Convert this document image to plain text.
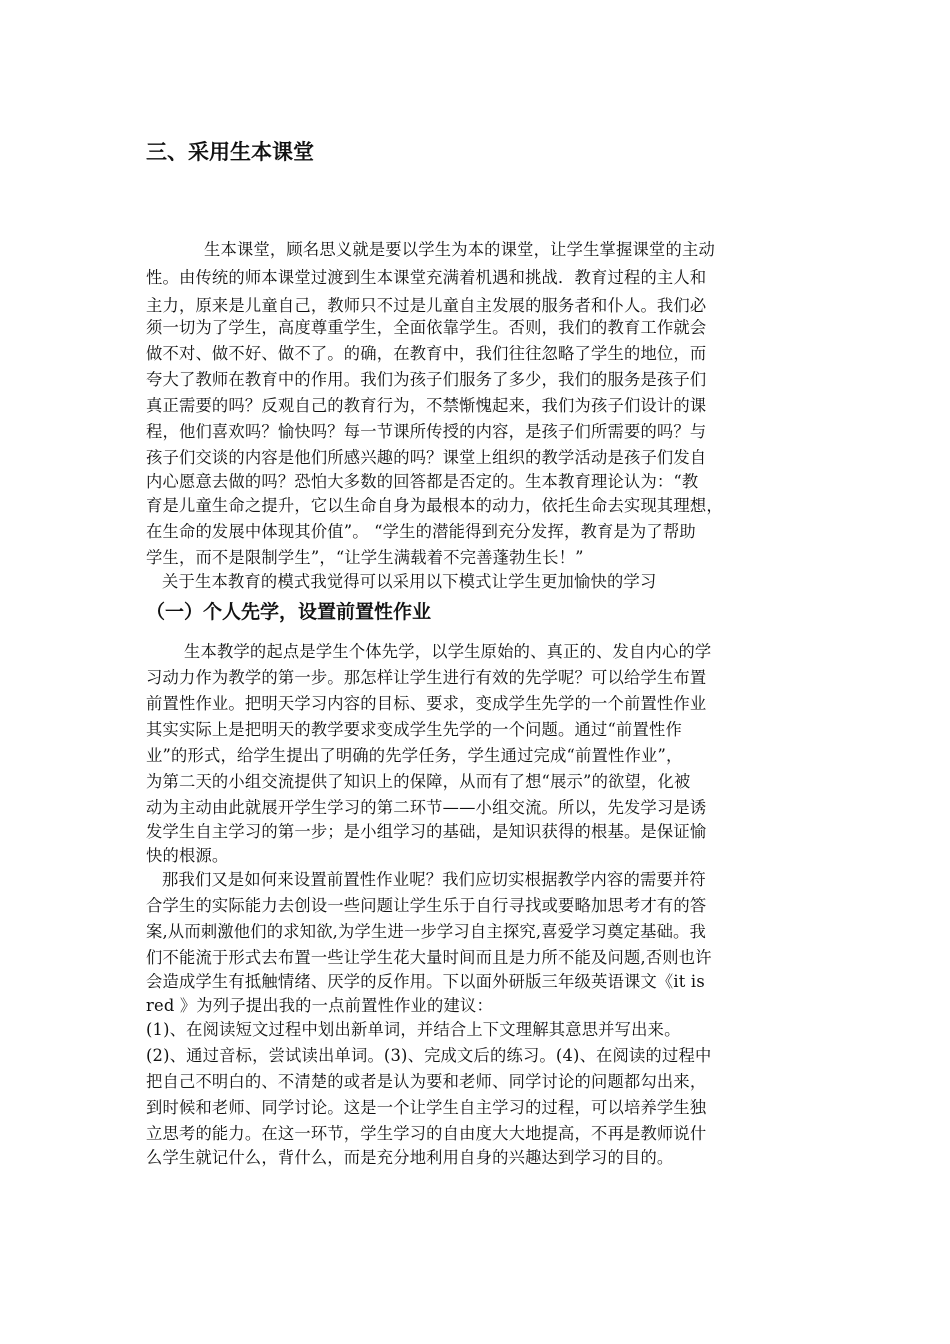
三、采用生本课堂
生本课堂，顾名思义就是要以学生为本的课堂，让学生掌握课堂的主动
性。由传统的师本课堂过渡到生本课堂充满着机遇和挑战．教育过程的主人和
主力，原来是儿童自己，教师只不过是儿童自主发展的服务者和仆人。我们必
须一切为了学生，高度尊重学生，全面依靠学生。否则，我们的教育工作就会
做不对、做不好、做不了。的确，在教育中，我们往往忽略了学生的地位，而
夸大了教师在教育中的作用。我们为孩子们服务了多少，我们的服务是孩子们
真正需要的吗？反观自己的教育行为，不禁惭愧起来，我们为孩子们设计的课
程，他们喜欢吗？愉快吗？每一节课所传授的内容，是孩子们所需要的吗？与
孩子们交谈的内容是他们所感兴趣的吗？课堂上组织的教学活动是孩子们发自
内心愿意去做的吗？恐怕大多数的回答都是否定的。生本教育理论认为：“教
育是儿童生命之提升，它以生命自身为最根本的动力，依托生命去实现其理想，
在生命的发展中体现其价值”。 “学生的潜能得到充分发挥，教育是为了帮助
学生，而不是限制学生”，“让学生满载着不完善蓬勃生长！”
关于生本教育的模式我觉得可以采用以下模式让学生更加愉快的学习
（一）个人先学，设置前置性作业
生本教学的起点是学生个体先学，以学生原始的、真正的、发自内心的学
习动力作为教学的第一步。那怎样让学生进行有效的先学呢？可以给学生布置
前置性作业。把明天学习内容的目标、要求，变成学生先学的一个前置性作业
其实实际上是把明天的教学要求变成学生先学的一个问题。通过“前置性作
业”的形式，给学生提出了明确的先学任务，学生通过完成“前置性作业”，
为第二天的小组交流提供了知识上的保障，从而有了想“展示”的欲望，化被
动为主动由此就展开学生学习的第二环节——小组交流。所以，先发学习是诱
发学生自主学习的第一步；是小组学习的基础，是知识获得的根基。是保证愉
快的根源。
那我们又是如何来设置前置性作业呢？我们应切实根据教学内容的需要并符
合学生的实际能力去创设一些问题让学生乐于自行寻找或要略加思考才有的答
案,从而刺激他们的求知欲,为学生进一步学习自主探究,喜爱学习奠定基础。我
们不能流于形式去布置一些让学生花大量时间而且是力所不能及问题,否则也许
会造成学生有抵触情绪、厌学的反作用。下以面外研版三年级英语课文《it is
red 》为列子提出我的一点前置性作业的建议：
(1)、在阅读短文过程中划出新单词，并结合上下文理解其意思并写出来。
(2)、通过音标，尝试读出单词。(3)、完成文后的练习。(4)、在阅读的过程中
把自己不明白的、不清楚的或者是认为要和老师、同学讨论的问题都勾出来，
到时候和老师、同学讨论。这是一个让学生自主学习的过程，可以培养学生独
立思考的能力。在这一环节，学生学习的自由度大大地提高，不再是教师说什
么学生就记什么，背什么，而是充分地利用自身的兴趣达到学习的目的。
